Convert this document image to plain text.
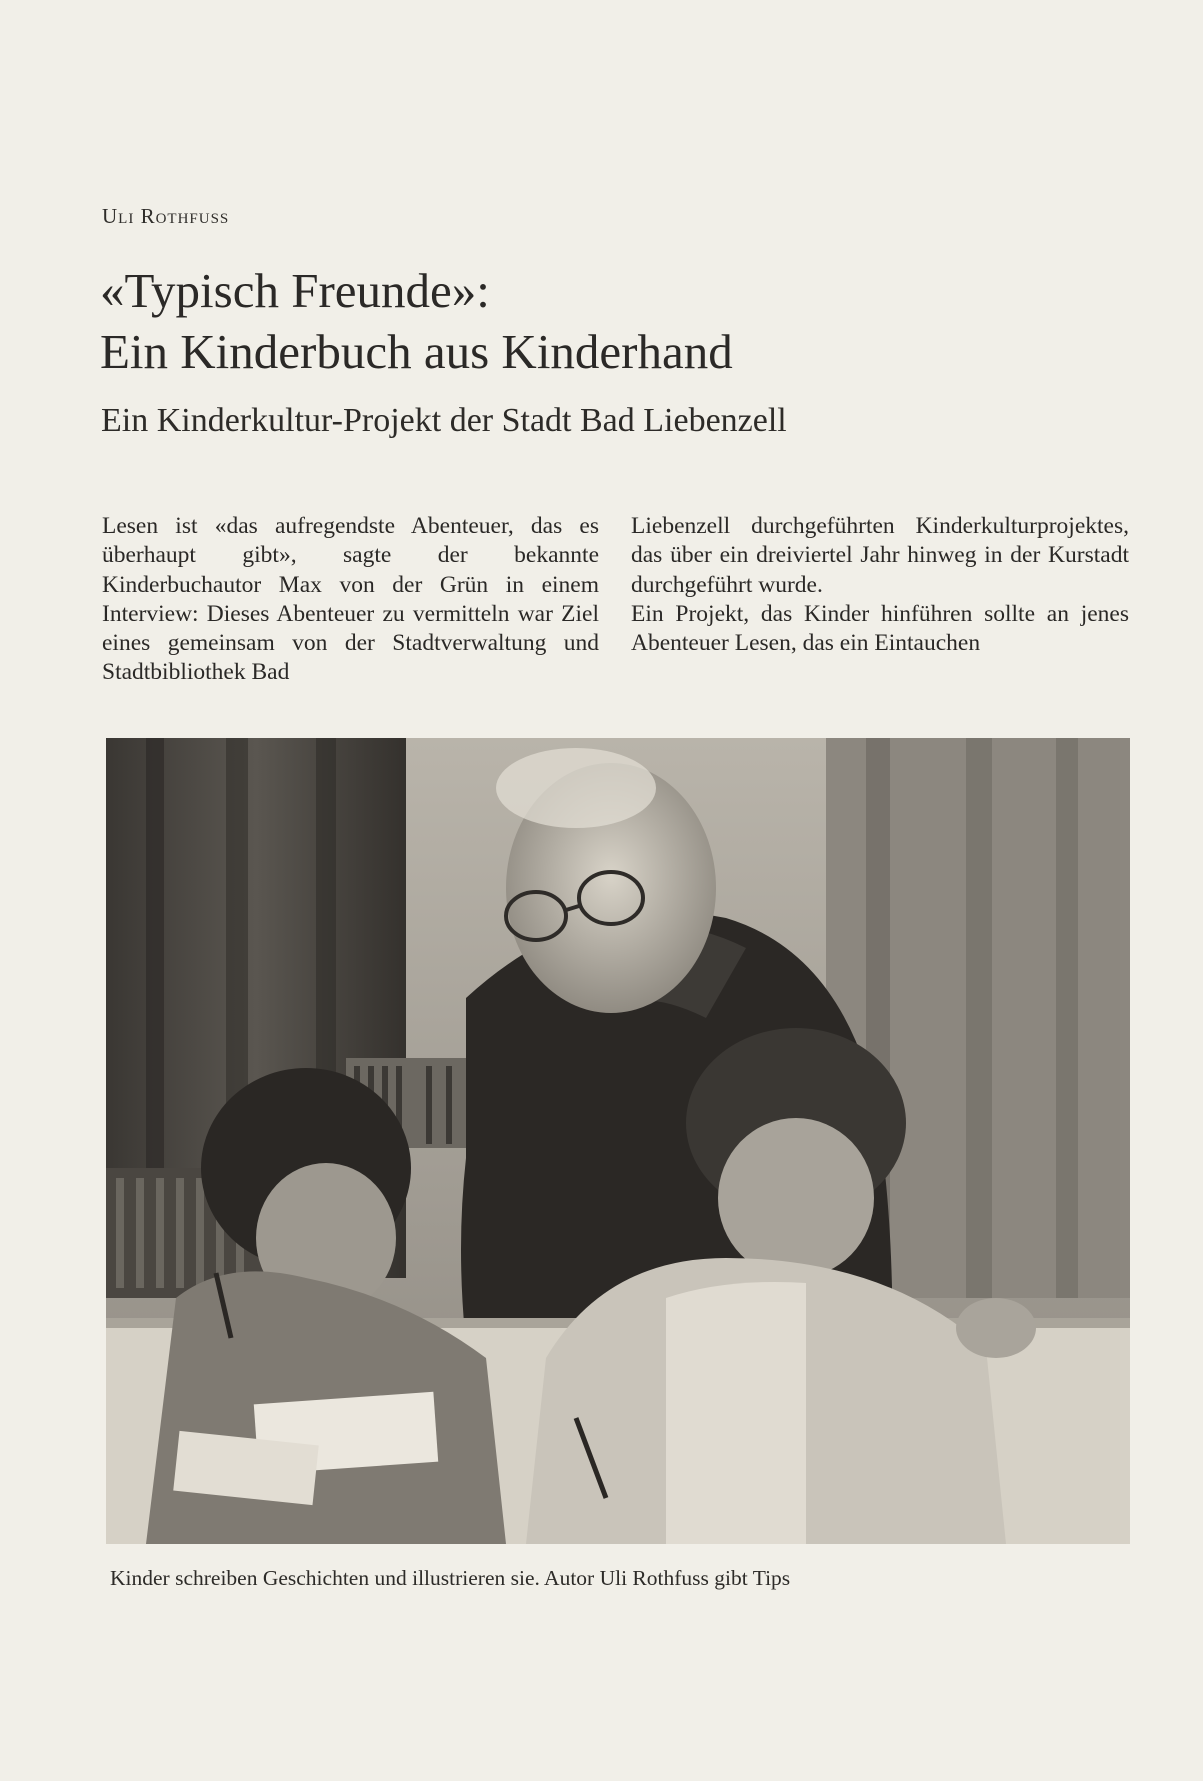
Uli Rothfuss
«Typisch Freunde»:
Ein Kinderbuch aus Kinderhand
Ein Kinderkultur-Projekt der Stadt Bad Liebenzell

Lesen ist «das aufregendste Abenteuer, das es überhaupt gibt», sagte der bekannte Kinderbuchautor Max von der Grün in einem Interview: Dieses Abenteuer zu vermitteln war Ziel eines gemeinsam von der Stadtverwaltung und Stadtbibliothek Bad

Liebenzell durchgeführten Kinderkulturprojektes, das über ein dreiviertel Jahr hinweg in der Kurstadt durchgeführt wurde.

Ein Projekt, das Kinder hinführen sollte an jenes Abenteuer Lesen, das ein Eintauchen

Kinder schreiben Geschichten und illustrieren sie. Autor Uli Rothfuss gibt Tips
